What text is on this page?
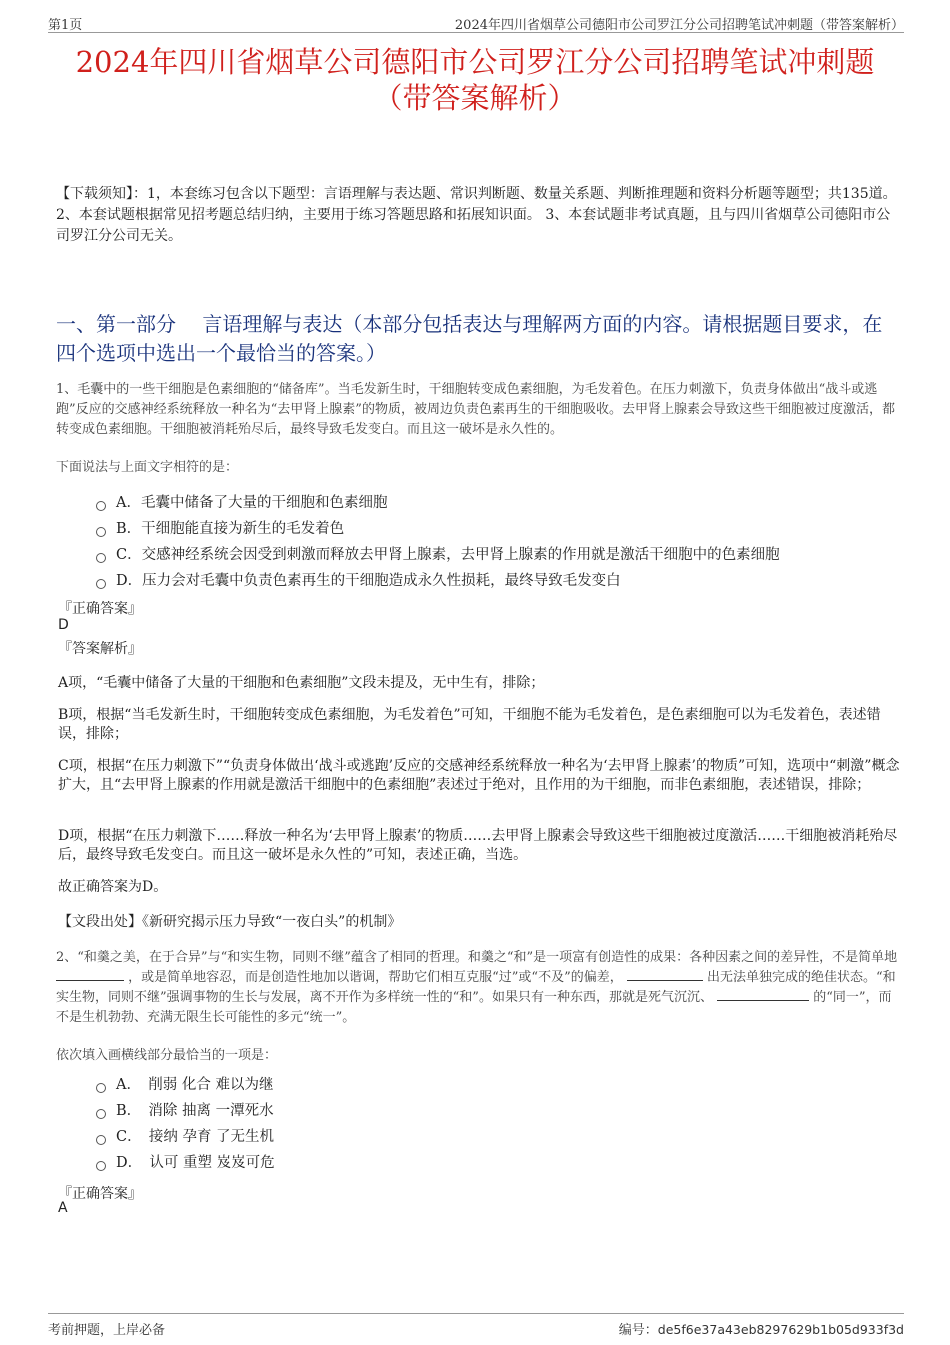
第1页	2024年四川省烟草公司德阳市公司罗江分公司招聘笔试冲刺题（带答案解析）
2024年四川省烟草公司德阳市公司罗江分公司招聘笔试冲刺题
（带答案解析）
【下载须知】：1，本套练习包含以下题型：言语理解与表达题、常识判断题、数量关系题、判断推理题和资料分析题等题型；共135道。 2、本套试题根据常见招考题总结归纳，主要用于练习答题思路和拓展知识面。 3、本套试题非考试真题，且与四川省烟草公司德阳市公司罗江分公司无关。
一、第一部分　 言语理解与表达（本部分包括表达与理解两方面的内容。请根据题目要求，在四个选项中选出一个最恰当的答案。）
1、毛囊中的一些干细胞是色素细胞的“储备库”。当毛发新生时，干细胞转变成色素细胞，为毛发着色。在压力刺激下，负责身体做出“战斗或逃跑”反应的交感神经系统释放一种名为“去甲肾上腺素”的物质，被周边负责色素再生的干细胞吸收。去甲肾上腺素会导致这些干细胞被过度激活，都转变成色素细胞。干细胞被消耗殆尽后，最终导致毛发变白。而且这一破坏是永久性的。
下面说法与上面文字相符的是：
A．毛囊中储备了大量的干细胞和色素细胞
B．干细胞能直接为新生的毛发着色
C．交感神经系统会因受到刺激而释放去甲肾上腺素，去甲肾上腺素的作用就是激活干细胞中的色素细胞
D．压力会对毛囊中负责色素再生的干细胞造成永久性损耗，最终导致毛发变白
『正确答案』
D
『答案解析』
A项，“毛囊中储备了大量的干细胞和色素细胞”文段未提及，无中生有，排除；
B项，根据“当毛发新生时，干细胞转变成色素细胞，为毛发着色”可知，干细胞不能为毛发着色，是色素细胞可以为毛发着色，表述错误，排除；
C项，根据“在压力刺激下”“负责身体做出‘战斗或逃跑’反应的交感神经系统释放一种名为‘去甲肾上腺素’的物质”可知，选项中“刺激”概念扩大，且“去甲肾上腺素的作用就是激活干细胞中的色素细胞”表述过于绝对，且作用的为干细胞，而非色素细胞，表述错误，排除；
D项，根据“在压力刺激下……释放一种名为‘去甲肾上腺素’的物质……去甲肾上腺素会导致这些干细胞被过度激活……干细胞被消耗殆尽后，最终导致毛发变白。而且这一破坏是永久性的”可知，表述正确，当选。
故正确答案为D。
【文段出处】《新研究揭示压力导致“一夜白头”的机制》
2、“和羹之美，在于合异”与“和实生物，同则不继”蕴含了相同的哲理。和羹之“和”是一项富有创造性的成果：各种因素之间的差异性，不是简单地  ，或是简单地容忍，而是创造性地加以谐调，帮助它们相互克服“过”或“不及”的偏差，	出无法单独完成的绝佳状态。“和实生物，同则不继”强调事物的生长与发展，离不开作为多样统一性的“和”。如果只有一种东西，那就是死气沉沉、	的“同一”，而不是生机勃勃、充满无限生长可能性的多元“统一”。
依次填入画横线部分最恰当的一项是：
A．　削弱 化合 难以为继
B．　消除 抽离 一潭死水
C．　接纳 孕育 了无生机
D．　认可 重塑 岌岌可危
『正确答案』
A
考前押题，上岸必备	编号：de5f6e37a43eb8297629b1b05d933f3d
